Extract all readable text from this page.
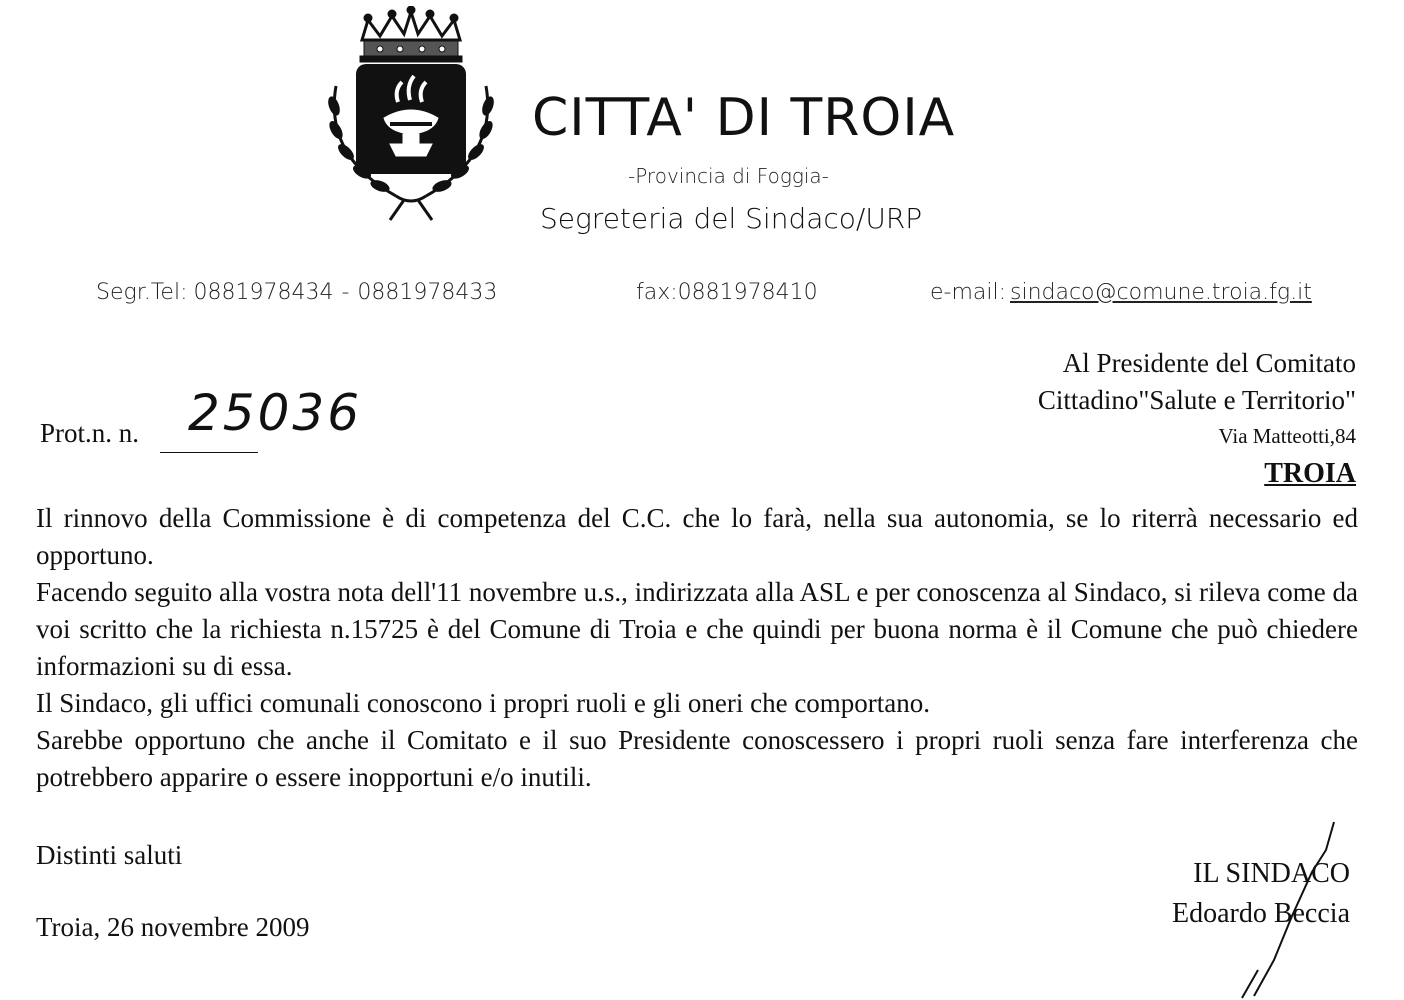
CITTA' DI TROIA
-Provincia di Foggia-
Segreteria del Sindaco/URP
Segr.Tel: 0881978434 - 0881978433	fax:0881978410	e-mail: sindaco@comune.troia.fg.it
Al Presidente del Comitato
Cittadino"Salute e Territorio"
Via Matteotti,84
TROIA
Prot.n. n. 25036

Il rinnovo della Commissione è di competenza del C.C. che lo farà, nella sua autonomia, se lo riterrà necessario ed opportuno.

Facendo seguito alla vostra nota dell'11 novembre u.s., indirizzata alla ASL e per conoscenza al Sindaco, si rileva come da voi scritto che la richiesta n.15725 è del Comune di Troia e che quindi per buona norma è il Comune che può chiedere informazioni su di essa.

Il Sindaco, gli uffici comunali conoscono i propri ruoli e gli oneri che comportano.

Sarebbe opportuno che anche il Comitato e il suo Presidente conoscessero i propri ruoli senza fare interferenza che potrebbero apparire o essere inopportuni e/o inutili.

Distinti saluti
Troia, 26 novembre 2009
IL SINDACO
Edoardo Beccia
